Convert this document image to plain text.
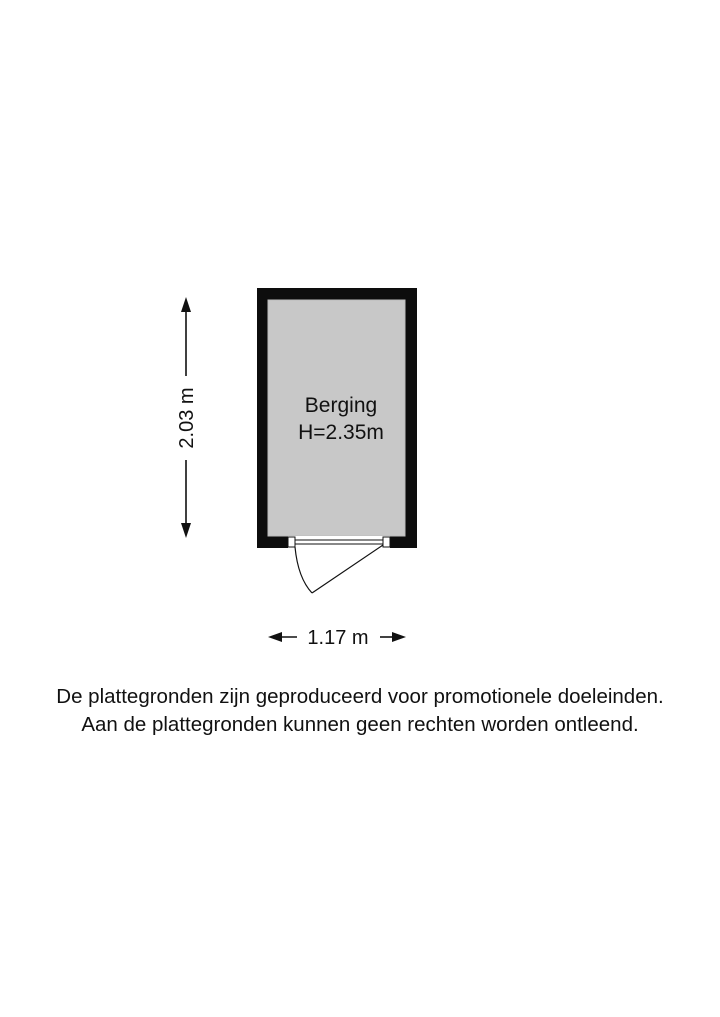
Berging
H=2.35m
2.03 m
1.17 m
De plattegronden zijn geproduceerd voor promotionele doeleinden.
Aan de plattegronden kunnen geen rechten worden ontleend.
